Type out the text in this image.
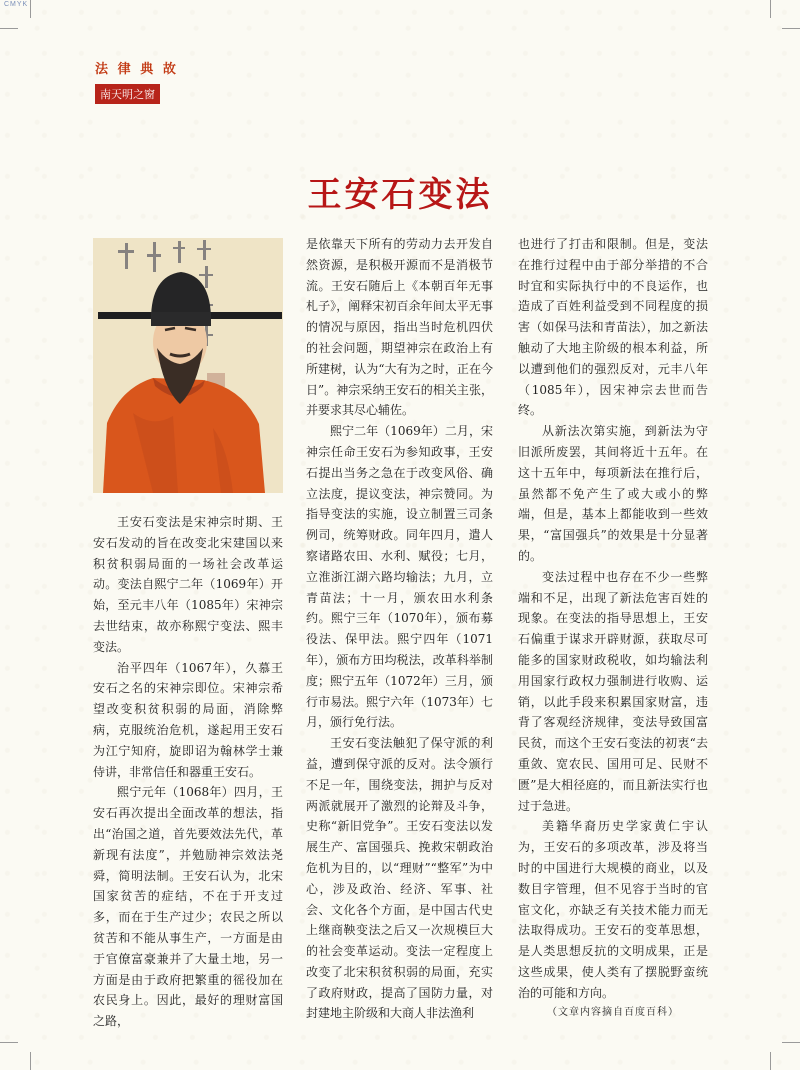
CMYK
法 律 典 故
南天明之窗
王安石变法

王安石变法是宋神宗时期、王安石发动的旨在改变北宋建国以来积贫积弱局面的一场社会改革运动。变法自熙宁二年（1069年）开始，至元丰八年（1085年）宋神宗去世结束，故亦称熙宁变法、熙丰变法。

治平四年（1067年），久慕王安石之名的宋神宗即位。宋神宗希望改变积贫积弱的局面，消除弊病，克服统治危机，遂起用王安石为江宁知府，旋即诏为翰林学士兼侍讲，非常信任和器重王安石。

熙宁元年（1068年）四月，王安石再次提出全面改革的想法，指出“治国之道，首先要效法先代，革新现有法度”，并勉励神宗效法尧舜，简明法制。王安石认为，北宋国家贫苦的症结，不在于开支过多，而在于生产过少；农民之所以贫苦和不能从事生产，一方面是由于官僚富豪兼并了大量土地，另一方面是由于政府把繁重的徭役加在农民身上。因此，最好的理财富国之路，

是依靠天下所有的劳动力去开发自然资源，是积极开源而不是消极节流。王安石随后上《本朝百年无事札子》，阐释宋初百余年间太平无事的情况与原因，指出当时危机四伏的社会问题，期望神宗在政治上有所建树，认为“大有为之时，正在今日”。神宗采纳王安石的相关主张，并要求其尽心辅佐。

熙宁二年（1069年）二月，宋神宗任命王安石为参知政事，王安石提出当务之急在于改变风俗、确立法度，提议变法，神宗赞同。为指导变法的实施，设立制置三司条例司，统筹财政。同年四月，遣人察诸路农田、水利、赋役；七月，立淮浙江湖六路均输法；九月，立青苗法；十一月，颁农田水利条约。熙宁三年（1070年），颁布募役法、保甲法。熙宁四年（1071年），颁布方田均税法，改革科举制度；熙宁五年（1072年）三月，颁行市易法。熙宁六年（1073年）七月，颁行免行法。

王安石变法触犯了保守派的利益，遭到保守派的反对。法令颁行不足一年，围绕变法，拥护与反对两派就展开了激烈的论辩及斗争，史称“新旧党争”。王安石变法以发展生产、富国强兵、挽救宋朝政治危机为目的，以“理财”“整军”为中心，涉及政治、经济、军事、社会、文化各个方面，是中国古代史上继商鞅变法之后又一次规模巨大的社会变革运动。变法一定程度上改变了北宋积贫积弱的局面，充实了政府财政，提高了国防力量，对封建地主阶级和大商人非法渔利

也进行了打击和限制。但是，变法在推行过程中由于部分举措的不合时宜和实际执行中的不良运作，也造成了百姓利益受到不同程度的损害（如保马法和青苗法），加之新法触动了大地主阶级的根本利益，所以遭到他们的强烈反对，元丰八年（1085年），因宋神宗去世而告终。

从新法次第实施，到新法为守旧派所废罢，其间将近十五年。在这十五年中，每项新法在推行后，虽然都不免产生了或大或小的弊端，但是，基本上都能收到一些效果，“富国强兵”的效果是十分显著的。

变法过程中也存在不少一些弊端和不足，出现了新法危害百姓的现象。在变法的指导思想上，王安石偏重于谋求开辟财源，获取尽可能多的国家财政税收，如均输法利用国家行政权力强制进行收购、运销，以此手段来积累国家财富，违背了客观经济规律，变法导致国富民贫，而这个王安石变法的初衷“去重敛、宽农民、国用可足、民财不匮”是大相径庭的，而且新法实行也过于急进。

美籍华裔历史学家黄仁宇认为，王安石的多项改革，涉及将当时的中国进行大规模的商业，以及数目字管理，但不见容于当时的官宦文化，亦缺乏有关技术能力而无法取得成功。王安石的变革思想，是人类思想反抗的文明成果，正是这些成果，使人类有了摆脱野蛮统治的可能和方向。

（文章内容摘自百度百科）
